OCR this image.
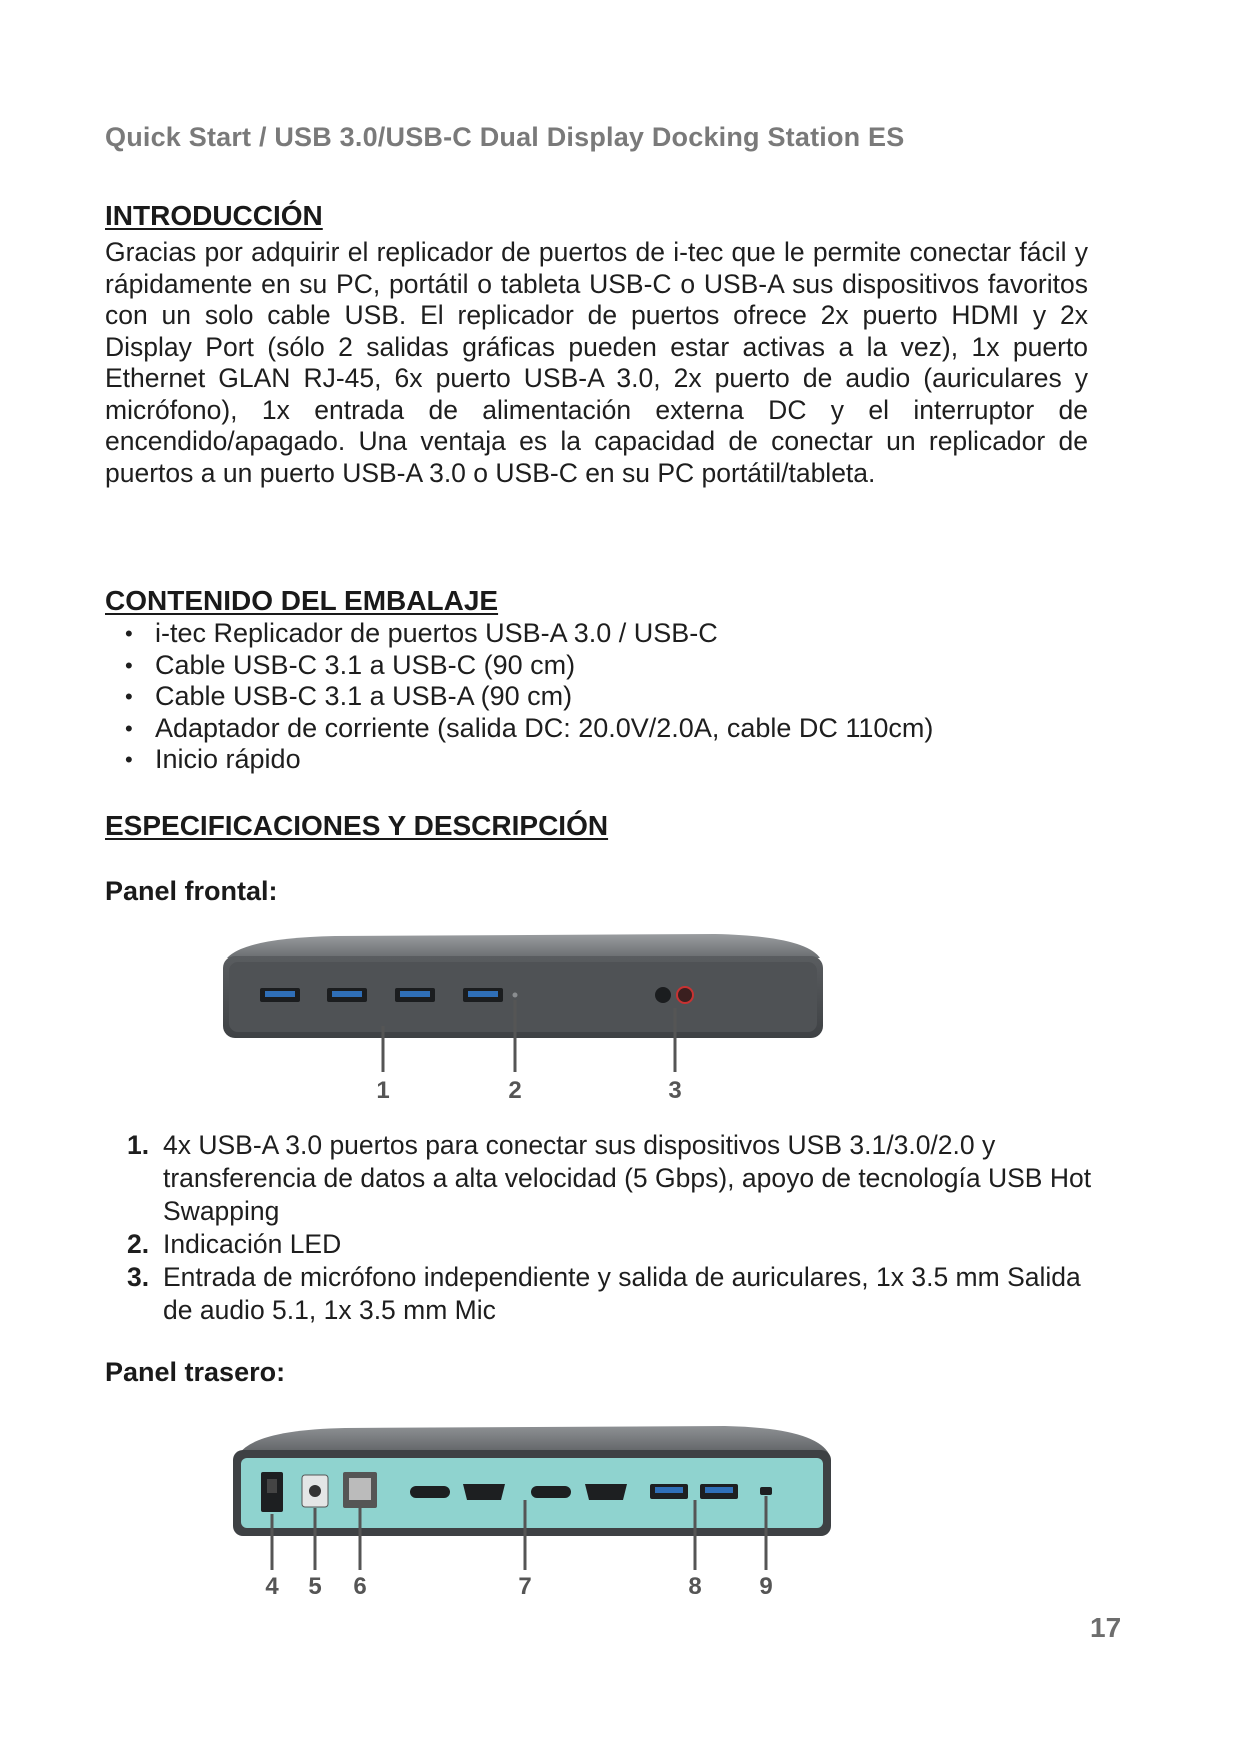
Quick Start / USB 3.0/USB-C Dual Display Docking Station ES
INTRODUCCIÓN

Gracias por adquirir el replicador de puertos de i-tec que le permite conectar fácil y rápidamente en su PC, portátil o tableta USB-C o USB-A sus dispositivos favoritos con un solo cable USB. El replicador de puertos ofrece 2x puerto HDMI y 2x Display Port (sólo 2 salidas gráficas pueden estar activas a la vez), 1x puerto Ethernet GLAN RJ-45, 6x puerto USB-A 3.0, 2x puerto de audio (auriculares y micrófono), 1x entrada de alimentación externa DC y el interruptor de encendido/apagado. Una ventaja es la capacidad de conectar un replicador de puertos a un puerto USB-A 3.0 o USB-C en su PC portátil/tableta.

CONTENIDO DEL EMBALAJE
• i-tec Replicador de puertos USB-A 3.0 / USB-C
• Cable USB-C 3.1 a USB-C (90 cm)
• Cable USB-C 3.1 a USB-A (90 cm)
• Adaptador de corriente (salida DC: 20.0V/2.0A, cable DC 110cm)
• Inicio rápido
ESPECIFICACIONES Y DESCRIPCIÓN
Panel frontal:
1	2	3
1. 4x USB-A 3.0 puertos para conectar sus dispositivos USB 3.1/3.0/2.0 y transferencia de datos a alta velocidad (5 Gbps), apoyo de tecnología USB Hot Swapping
2. Indicación LED
3. Entrada de micrófono independiente y salida de auriculares, 1x 3.5 mm Salida de audio 5.1, 1x 3.5 mm Mic
Panel trasero:
4 5 6	7	8 9
17
